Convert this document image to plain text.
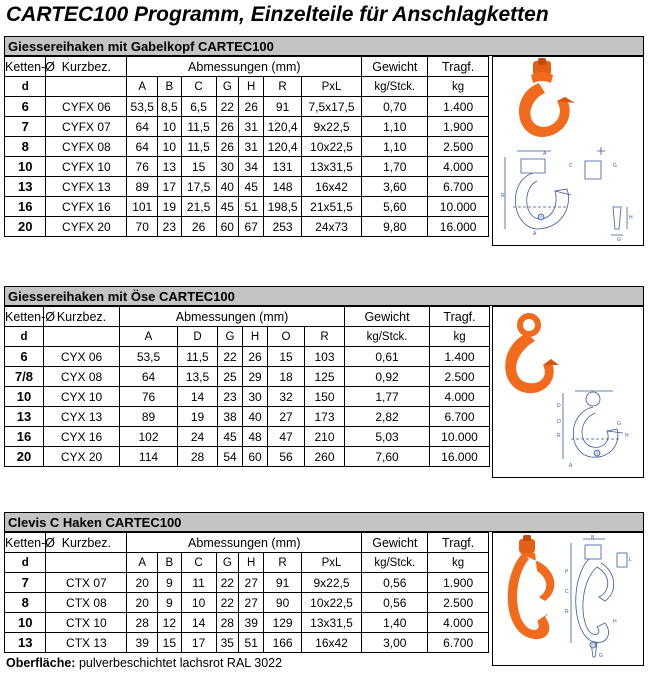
CARTEC100 Programm, Einzelteile für Anschlagketten
Giessereihaken mit Gabelkopf CARTEC100
Ketten-Ø	Kurzbez.	Abmessungen (mm)							Gewicht	Tragf.
d		A	B	C	G	H	R	PxL	kg/Stck.	kg
6	CYFX 06	53,5	8,5	6,5	22	26	91	7,5x17,5	0,70	1.400
7	CYFX 07	64	10	11,5	26	31	120,4	9x22,5	1,10	1.900
8	CYFX 08	64	10	11,5	26	31	120,4	10x22,5	1,10	2.500
10	CYFX 10	76	13	15	30	34	131	13x31,5	1,70	4.000
13	CYFX 13	89	17	17,5	40	45	148	16x42	3,60	6.700
16	CYFX 16	101	19	21,5	45	51	198,5	21x51,5	5,60	10.000
20	CYFX 20	70	23	26	60	67	253	24x73	9,80	16.000
A
R
C	G
H
G
A
Giessereihaken mit Öse CARTEC100
Ketten-Ø	Kurzbez.	Abmessungen (mm)						Gewicht	Tragf.
d		A	D	G	H	O	R	kg/Stck.	kg
6	CYX 06	53,5	11,5	22	26	15	103	0,61	1.400
7/8	CYX 08	64	13,5	25	29	18	125	0,92	2.500
10	CYX 10	76	14	23	30	32	150	1,77	4.000
13	CYX 13	89	19	38	40	27	173	2,82	6.700
16	CYX 16	102	24	45	48	47	210	5,03	10.000
20	CYX 20	114	28	54	60	56	260	7,60	16.000
D
O
R
A
H
G
Clevis C Haken CARTEC100
Ketten-Ø	Kurzbez.	Abmessungen (mm)							Gewicht	Tragf.
d		A	B	C	G	H	R	PxL	kg/Stck.	kg
7	CTX 07	20	9	11	22	27	91	9x22,5	0,56	1.900
8	CTX 08	20	9	10	22	27	90	10x22,5	0,56	2.500
10	CTX 10	28	12	14	28	39	129	13x31,5	1,40	4.000
13	CTX 13	39	15	17	35	51	166	16x42	3,00	6.700
B
P
C
R
H
G
L
Oberfläche: pulverbeschichtet lachsrot RAL 3022
